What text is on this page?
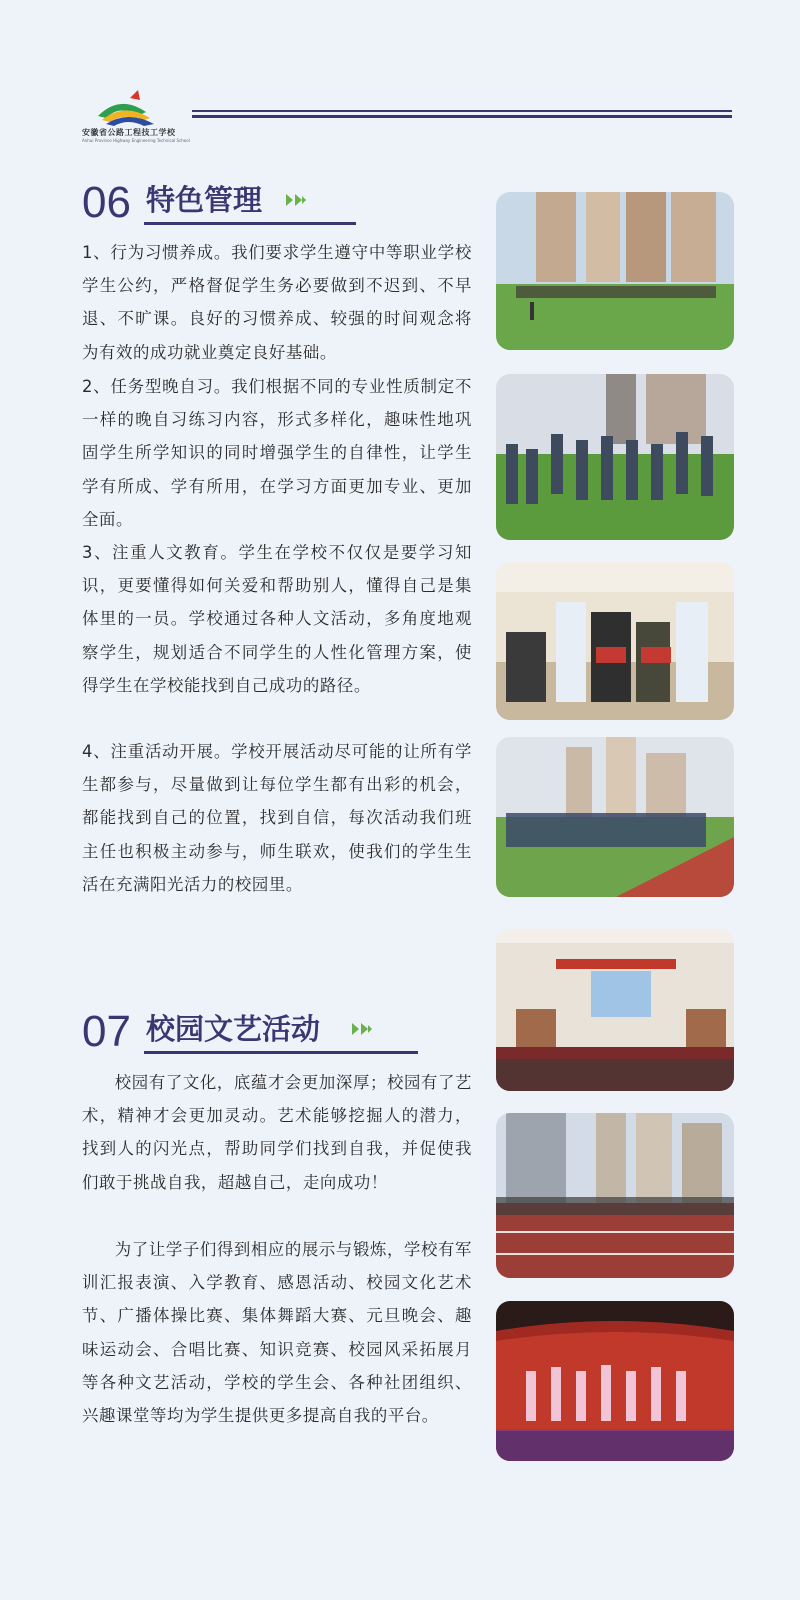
安徽省公路工程技工学校
Anhui Province Highway Engineering Technical School
06 特色管理

1、行为习惯养成。我们要求学生遵守中等职业学校学生公约，严格督促学生务必要做到不迟到、不早退、不旷课。良好的习惯养成、较强的时间观念将为有效的成功就业奠定良好基础。

2、任务型晚自习。我们根据不同的专业性质制定不一样的晚自习练习内容，形式多样化，趣味性地巩固学生所学知识的同时增强学生的自律性，让学生学有所成、学有所用，在学习方面更加专业、更加全面。

3、注重人文教育。学生在学校不仅仅是要学习知识，更要懂得如何关爱和帮助别人，懂得自己是集体里的一员。学校通过各种人文活动，多角度地观察学生，规划适合不同学生的人性化管理方案，使得学生在学校能找到自己成功的路径。

4、注重活动开展。学校开展活动尽可能的让所有学生都参与，尽量做到让每位学生都有出彩的机会，都能找到自己的位置，找到自信，每次活动我们班主任也积极主动参与，师生联欢，使我们的学生生活在充满阳光活力的校园里。

07 校园文艺活动

校园有了文化，底蕴才会更加深厚；校园有了艺术，精神才会更加灵动。艺术能够挖掘人的潜力，找到人的闪光点，帮助同学们找到自我，并促使我们敢于挑战自我，超越自己，走向成功！

为了让学子们得到相应的展示与锻炼，学校有军训汇报表演、入学教育、感恩活动、校园文化艺术节、广播体操比赛、集体舞蹈大赛、元旦晚会、趣味运动会、合唱比赛、知识竞赛、校园风采拓展月等各种文艺活动，学校的学生会、各种社团组织、兴趣课堂等均为学生提供更多提高自我的平台。
